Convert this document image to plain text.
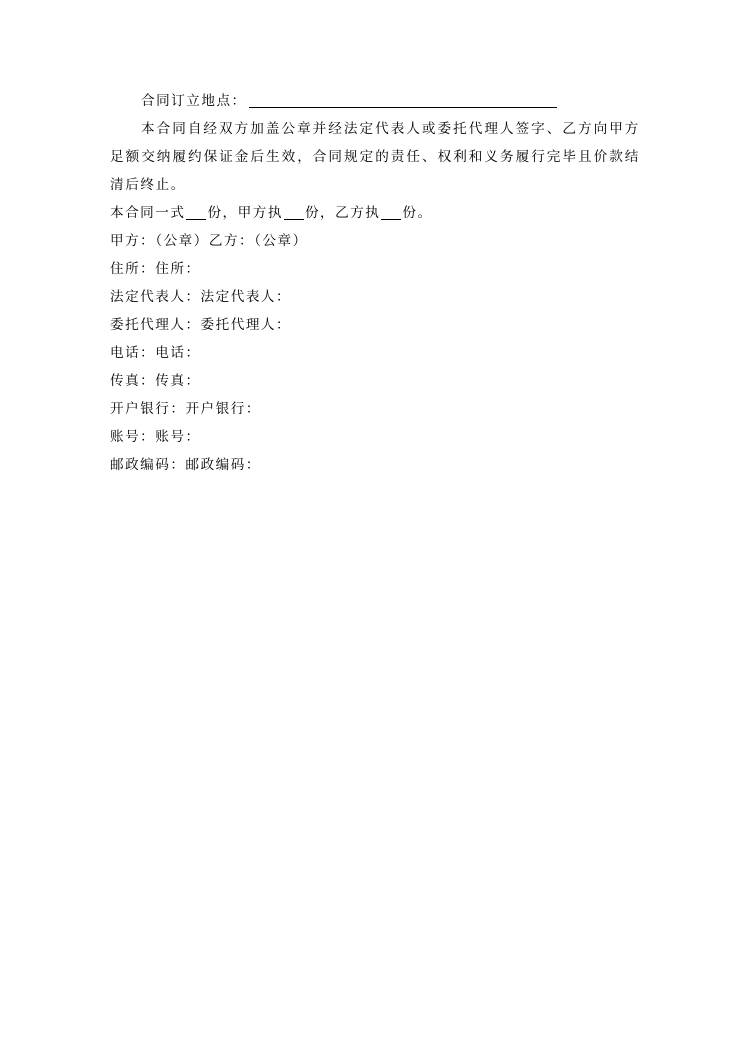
合同订立地点：
本合同自经双方加盖公章并经法定代表人或委托代理人签字、乙方向甲方足额交纳履约保证金后生效，合同规定的责任、权利和义务履行完毕且价款结清后终止。
本合同一式 份，甲方执 份，乙方执 份。
甲方：（公章）乙方：（公章）
住所：住所：
法定代表人：法定代表人：
委托代理人：委托代理人：
电话：电话：
传真：传真：
开户银行：开户银行：
账号：账号：
邮政编码：邮政编码：
